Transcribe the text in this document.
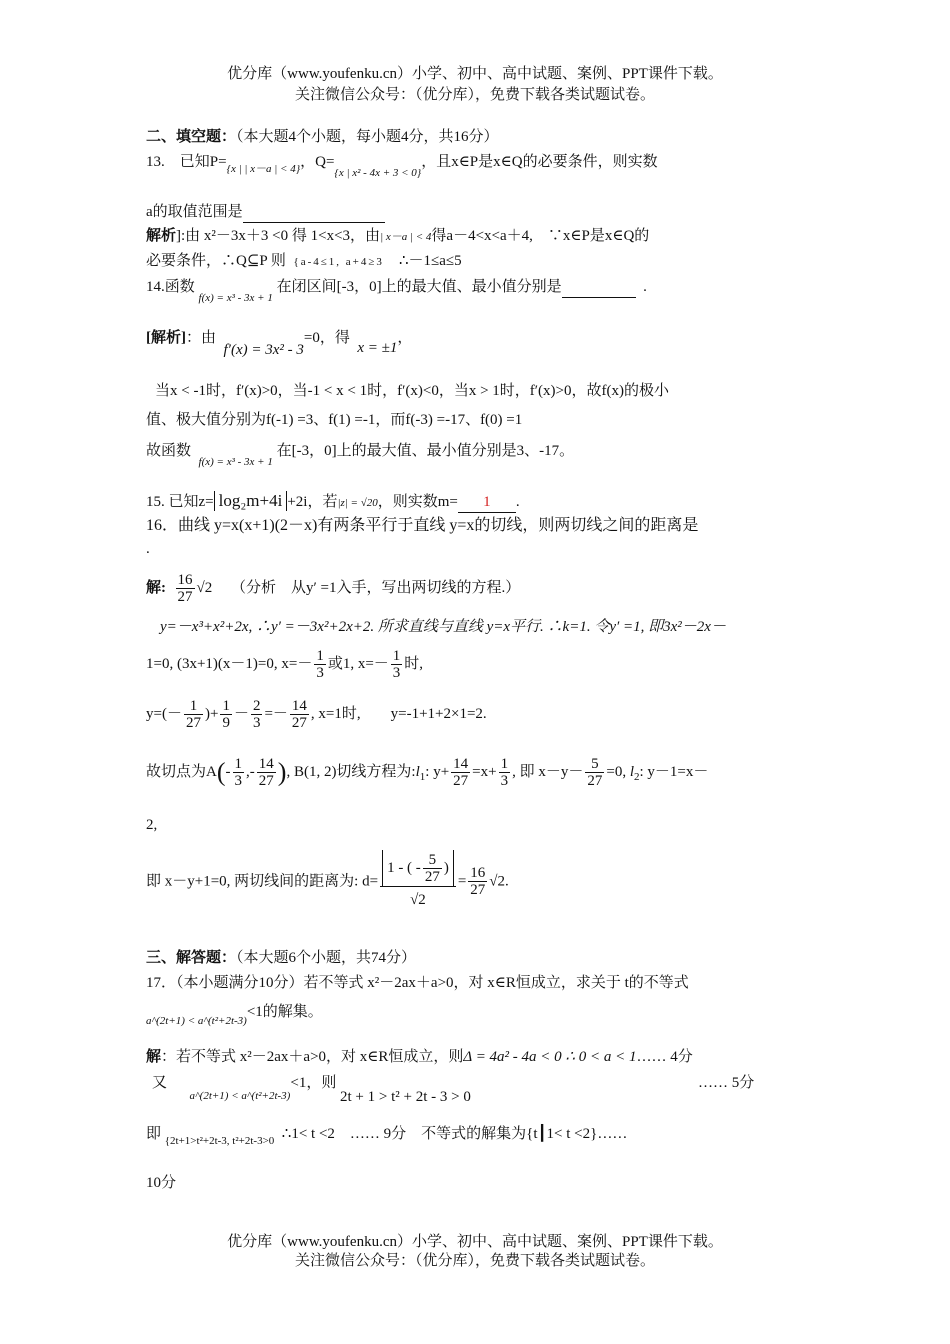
优分库（www.youfenku.cn）小学、初中、高中试题、案例、PPT课件下载。
关注微信公众号：（优分库），免费下载各类试题试卷。
二、填空题：（本大题4个小题，每小题4分，共16分）
13.　已知$P=_{\{x | | x-a | < 4\}}$，$Q=_{\{x | x^2 - 4x + 3 < 0\}}$，且x∈P是x∈Q的必要条件，则实数
a的取值范围是
解析]:由 x²－3x＋3 <0 得 1<x<3，由| x－a | < 4得a－4<x<a＋4,　∵x∈P是x∈Q的
必要条件，∴Q⊆P 则 {a-4≤1, a+4≥3 ∴－1≤a≤5
14.函数 $_{f(x) = x^3 - 3x + 1}$ 在闭区间[-3，0]上的最大值、最小值分别是	.
[解析]：由  f′(x) = 3x² - 3=0，得  x = ±1，
当x < -1时，f′(x)>0，当-1 < x < 1时，f′(x)<0，当x > 1时，f′(x)>0，故f(x)的极小
值、极大值分别为f(-1) =3、f(1) =-1，而f(-3) =-17、f(0) =1
故函数  $_{f(x) = x^3 - 3x + 1}$ 在[-3，0]上的最大值、最小值分别是3、-17。
15. 已知z= log₂m+4i +2i，若|z| = √20，则实数m= 1 .
16．曲线 y=x(x+1)(2－x)有两条平行于直线 y=x的切线，则两切线之间的距离是
.
解: $\frac{16}{27} √2$ （分析　从y′ =1入手，写出两切线的方程.）
y=－x³+x²+2x, ∴y′ =－3x²+2x+2. 所求直线与直线 y=x平行. ∴k=1. 令y′ =1, 即3x²－2x－
1=0, (3x+1)(x－1)=0, $x=- \frac{1}{3}$ 或1, $x=- \frac{1}{3}$ 时,
$y=(- \frac{1}{27}$ )+ $\frac{1}{9} - \frac{2}{3} =- \frac{14}{27}$ , x=1时,　　y=-1+1+2×1=2.
故切点为$A(- \frac{1}{3}$ ,- $\frac{14}{27}$ ), B(1, 2)切线方程为$:l_1$: $y+ \frac{14}{27} =x+ \frac{1}{3}$ , 即 $x-y- \frac{5}{27} =0$, $l_2$: y－1=x－
2,
即 x－y+1=0, 两切线间的距离为: $d= \frac{1 - ( - \frac{5}{27} )}{√2} = \frac{16}{27} √2$.
三、解答题：（本大题6个小题，共74分）
17．（本小题满分10分）若不等式 x²－2ax＋a>0，对 x∈R恒成立，求关于 t的不等式
$_{a\^{}(2t+1) < a\^{}(t^2+2t-3)}$<1的解集。
解：若不等式 x²－2ax＋a>0，对 x∈R恒成立，则Δ = 4a² - 4a < 0 ∴ 0 < a < 1…… 4分
又      $_{a\^{}(2t+1) < a\^{}(t^2+2t-3)}$<1，则

2t + 1 > t² + 2t - 3 > 0
…… 5分
即 $_{\{2t+1>t^2+2t-3, t^2+2t-3>0}$ ∴1< t <2　…… 9分　不等式的解集为{t┃1< t <2}……
10分
优分库（www.youfenku.cn）小学、初中、高中试题、案例、PPT课件下载。
关注微信公众号：（优分库），免费下载各类试题试卷。
